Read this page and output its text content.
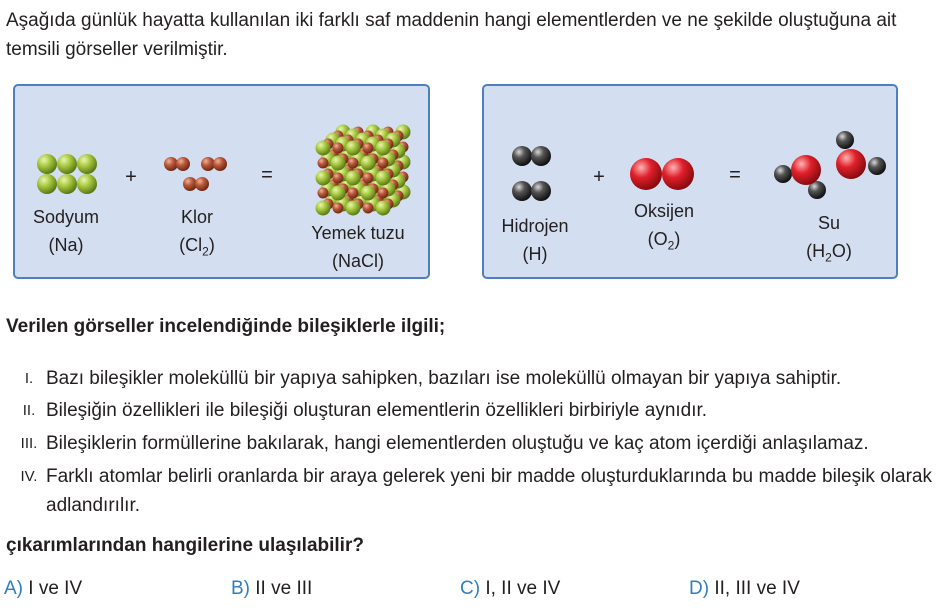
Aşağıda günlük hayatta kullanılan iki farklı saf maddenin hangi elementlerden ve ne şekilde oluştuğuna ait temsili görseller verilmiştir.
Sodyum
(Na)
+
Klor
$(Cl_2)$
=
Yemek tuzu
(NaCl)
Hidrojen
(H)
+
Oksijen
$(O_2)$
=
Su
$(H_2O)$
Verilen görseller incelendiğinde bileşiklerle ilgili;
I. Bazı bileşikler moleküllü bir yapıya sahipken, bazıları ise moleküllü olmayan bir yapıya sahiptir.
II. Bileşiğin özellikleri ile bileşiği oluşturan elementlerin özellikleri birbiriyle aynıdır.
III. Bileşiklerin formüllerine bakılarak, hangi elementlerden oluştuğu ve kaç atom içerdiği anlaşılamaz.
IV. Farklı atomlar belirli oranlarda bir araya gelerek yeni bir madde oluşturduklarında bu madde bileşik olarak adlandırılır.
çıkarımlarından hangilerine ulaşılabilir?
A) I ve IV	B) II ve III	C) I, II ve IV	D) II, III ve IV
